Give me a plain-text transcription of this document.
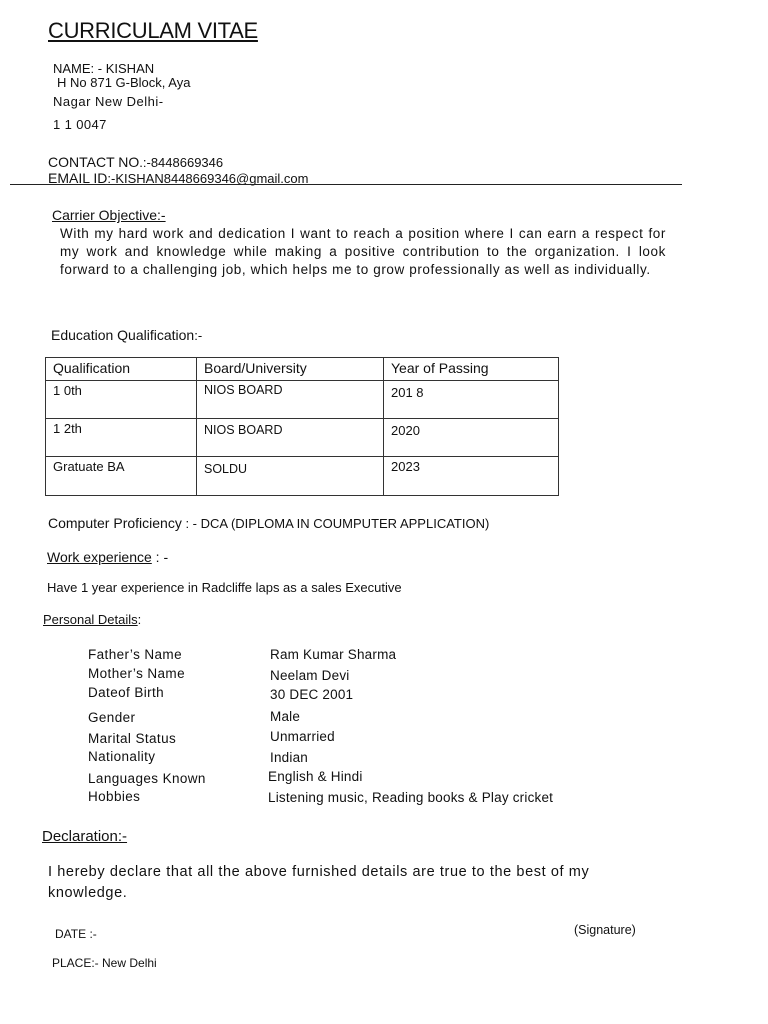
CURRICULAM VITAE
NAME: - KISHAN
H No 871 G-Block, Aya
Nagar New Delhi-
1 1 0047
CONTACT NO.:-8448669346
EMAIL ID:-KISHAN8448669346@gmail.com
Carrier Objective:-
With my hard work and dedication I want to reach a position where I can earn a respect for my work and knowledge while making a positive contribution to the organization. I look forward to a challenging job, which helps me to grow professionally as well as individually.
Education Qualification:-
Qualification	Board/University	Year of Passing
1 0th	NIOS BOARD	201 8
1 2th	NIOS BOARD	2020
Gratuate BA	SOLDU	2023
Computer Proficiency : - DCA (DIPLOMA IN COUMPUTER APPLICATION)
Work experience : -
Have 1 year experience in Radcliffe laps as a sales Executive
Personal Details:
Father’s Name	Ram Kumar Sharma
Mother’s Name	Neelam Devi
Dateof Birth	30 DEC 2001
Gender	Male
Marital Status	Unmarried
Nationality	Indian
Languages Known	English & Hindi
Hobbies	Listening music, Reading books & Play cricket
Declaration:-
I hereby declare that all the above furnished details are true to the best of my knowledge.
DATE :-	(Signature)
PLACE:- New Delhi
